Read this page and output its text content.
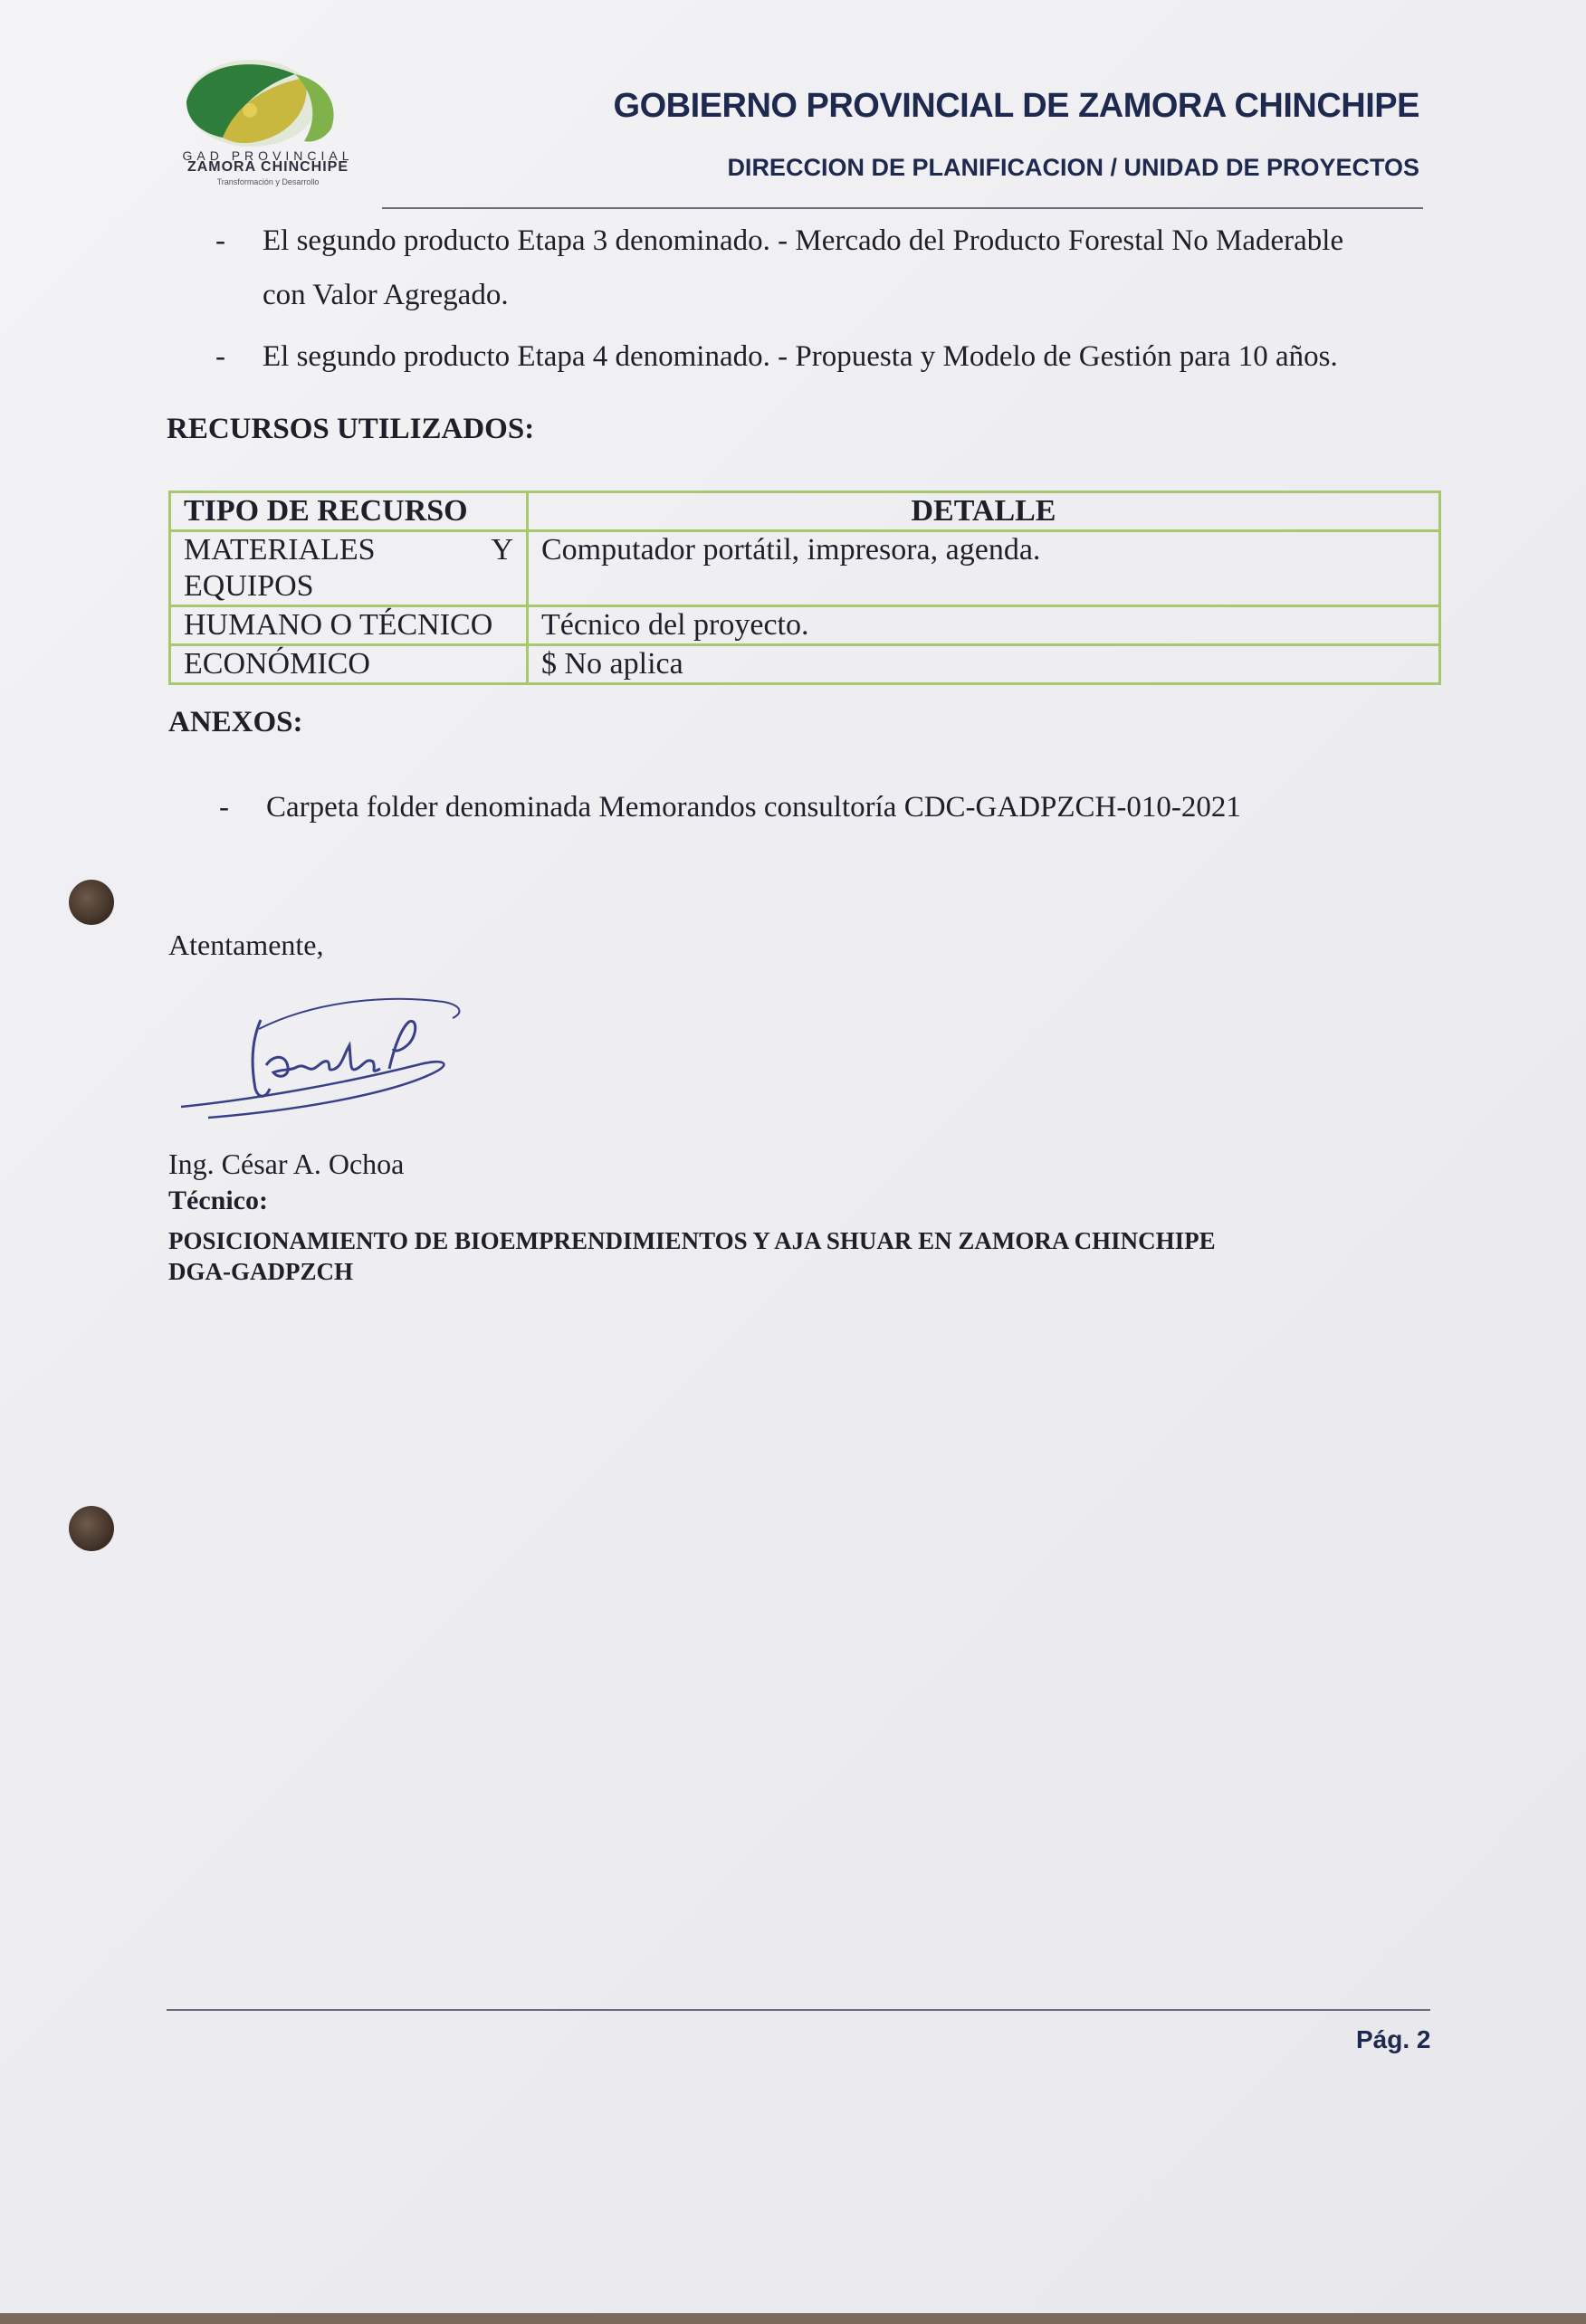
GAD PROVINCIAL
ZAMORA CHINCHIPE
Transformación y Desarrollo
GOBIERNO PROVINCIAL DE ZAMORA CHINCHIPE
DIRECCION DE PLANIFICACION / UNIDAD DE PROYECTOS
- El segundo producto Etapa 3 denominado. - Mercado del Producto Forestal No Maderable
con Valor Agregado.
- El segundo producto Etapa 4 denominado. - Propuesta y Modelo de Gestión para 10 años.
RECURSOS UTILIZADOS:
TIPO DE RECURSO	DETALLE

MATERIALES Y
EQUIPOS	Computador portátil, impresora, agenda.
HUMANO O TÉCNICO	Técnico del proyecto.
ECONÓMICO	$ No aplica
ANEXOS:
- Carpeta folder denominada Memorandos consultoría CDC-GADPZCH-010-2021
Atentamente,
Ing. César A. Ochoa
Técnico:
POSICIONAMIENTO DE BIOEMPRENDIMIENTOS Y AJA SHUAR EN ZAMORA CHINCHIPE
DGA-GADPZCH
Pág. 2
